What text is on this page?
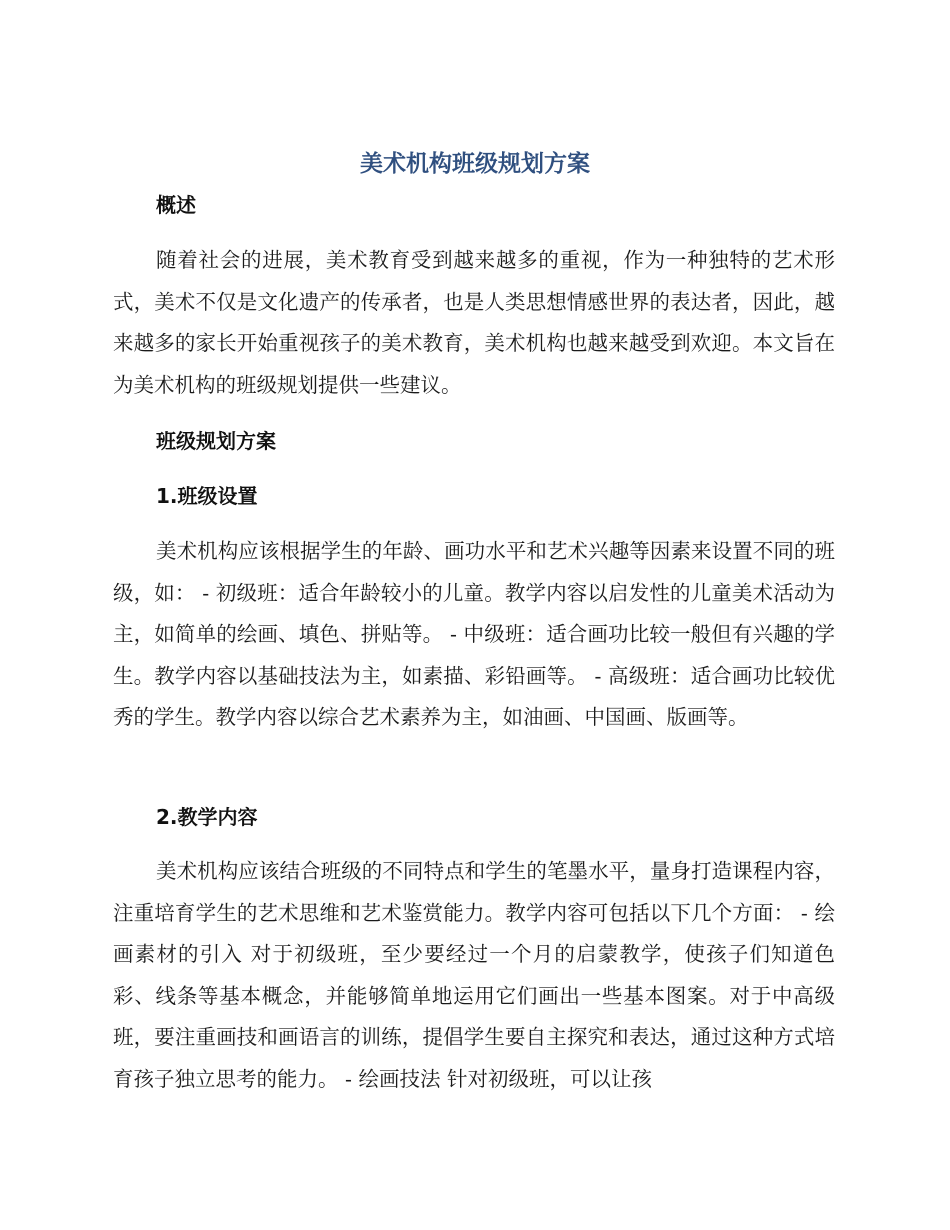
美术机构班级规划方案
概述

随着社会的进展，美术教育受到越来越多的重视，作为一种独特的艺术形式，美术不仅是文化遗产的传承者，也是人类思想情感世界的表达者，因此，越来越多的家长开始重视孩子的美术教育，美术机构也越来越受到欢迎。本文旨在为美术机构的班级规划提供一些建议。

班级规划方案
1.班级设置

美术机构应该根据学生的年龄、画功水平和艺术兴趣等因素来设置不同的班级，如： - 初级班：适合年龄较小的儿童。教学内容以启发性的儿童美术活动为主，如简单的绘画、填色、拼贴等。 - 中级班：适合画功比较一般但有兴趣的学生。教学内容以基础技法为主，如素描、彩铅画等。 - 高级班：适合画功比较优秀的学生。教学内容以综合艺术素养为主，如油画、中国画、版画等。

2.教学内容

美术机构应该结合班级的不同特点和学生的笔墨水平，量身打造课程内容，注重培育学生的艺术思维和艺术鉴赏能力。教学内容可包括以下几个方面： - 绘画素材的引入 对于初级班，至少要经过一个月的启蒙教学，使孩子们知道色彩、线条等基本概念，并能够简单地运用它们画出一些基本图案。对于中高级班，要注重画技和画语言的训练，提倡学生要自主探究和表达，通过这种方式培育孩子独立思考的能力。 - 绘画技法 针对初级班，可以让孩
